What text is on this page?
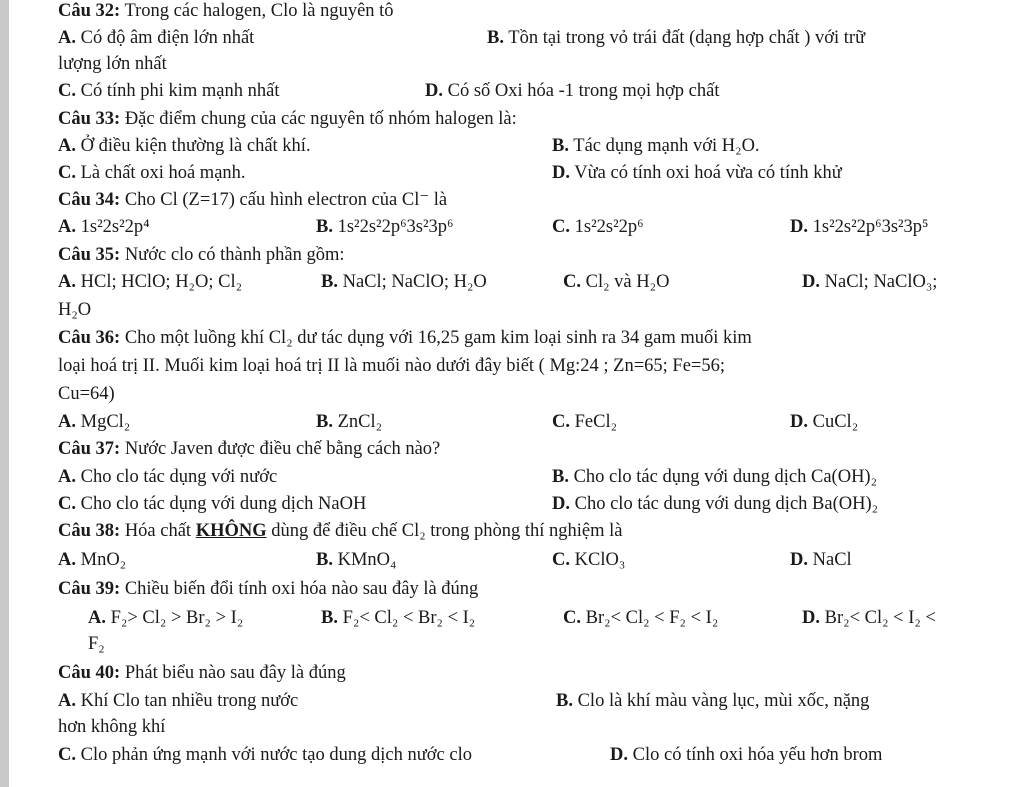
Câu 32: Trong các halogen, Clo là nguyên tô
A. Có độ âm điện lớn nhất	B. Tồn tại trong vỏ trái đất (dạng hợp chất ) với trữ
lượng lớn nhất
C. Có tính phi kim mạnh nhất	D. Có số Oxi hóa -1 trong mọi hợp chất
Câu 33: Đặc điểm chung của các nguyên tố nhóm halogen là:
A. Ở điều kiện thường là chất khí.	B. Tác dụng mạnh với H₂O.
C. Là chất oxi hoá mạnh.	D. Vừa có tính oxi hoá vừa có tính khử
Câu 34: Cho Cl (Z=17) cấu hình electron của Cl⁻ là
A. 1s²2s²2p⁴	B. 1s²2s²2p⁶3s²3p⁶	C. 1s²2s²2p⁶	D. 1s²2s²2p⁶3s²3p⁵
Câu 35: Nước clo có thành phần gồm:
A. HCl; HClO; H₂O; Cl₂	B. NaCl; NaClO; H₂O	C. Cl₂ và H₂O	D. NaCl; NaClO₃;
H₂O
Câu 36: Cho một luồng khí Cl₂ dư tác dụng với 16,25 gam kim loại sinh ra 34 gam muối kim
loại hoá trị II. Muối kim loại hoá trị II là muối nào dưới đây biết ( Mg:24 ; Zn=65; Fe=56;
Cu=64)
A. MgCl₂	B. ZnCl₂	C. FeCl₂	D. CuCl₂
Câu 37: Nước Javen được điều chế bằng cách nào?
A. Cho clo tác dụng với nước	B. Cho clo tác dụng với dung dịch Ca(OH)₂
C. Cho clo tác dụng với dung dịch NaOH	D. Cho clo tác dung với dung dịch Ba(OH)₂
Câu 38: Hóa chất KHÔNG dùng để điều chế Cl₂ trong phòng thí nghiệm là
A. MnO₂	B. KMnO₄	C. KClO₃	D. NaCl
Câu 39: Chiều biến đổi tính oxi hóa nào sau đây là đúng
A. F₂> Cl₂ > Br₂ > I₂	B. F₂< Cl₂ < Br₂ < I₂	C. Br₂< Cl₂ < F₂ < I₂	D. Br₂< Cl₂ < I₂ <
F₂
Câu 40: Phát biểu nào sau đây là đúng
A. Khí Clo tan nhiều trong nước	B. Clo là khí màu vàng lục, mùi xốc, nặng
hơn không khí
C. Clo phản ứng mạnh với nước tạo dung dịch nước clo	D. Clo có tính oxi hóa yếu hơn brom
